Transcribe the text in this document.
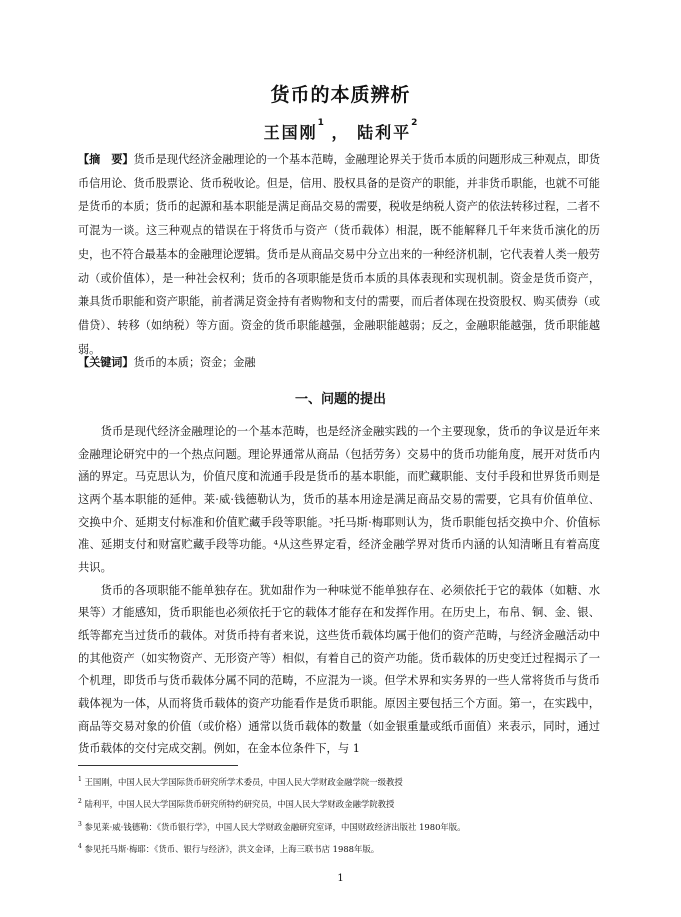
货币的本质辨析
王国刚$^1$ ， 陆利平$^2$
【摘　要】货币是现代经济金融理论的一个基本范畴，金融理论界关于货币本质的问题形成三种观点，即货币信用论、货币股票论、货币税收论。但是，信用、股权具备的是资产的职能，并非货币职能，也就不可能是货币的本质；货币的起源和基本职能是满足商品交易的需要，税收是纳税人资产的依法转移过程，二者不可混为一谈。这三种观点的错误在于将货币与资产（货币载体）相混，既不能解释几千年来货币演化的历史，也不符合最基本的金融理论逻辑。货币是从商品交易中分立出来的一种经济机制，它代表着人类一般劳动（或价值体），是一种社会权利；货币的各项职能是货币本质的具体表现和实现机制。资金是货币资产，兼具货币职能和资产职能，前者满足资金持有者购物和支付的需要，而后者体现在投资股权、购买债券（或借贷）、转移（如纳税）等方面。资金的货币职能越强，金融职能越弱；反之，金融职能越强，货币职能越弱。
【关键词】货币的本质；资金；金融
一、问题的提出

货币是现代经济金融理论的一个基本范畴，也是经济金融实践的一个主要现象，货币的争议是近年来金融理论研究中的一个热点问题。理论界通常从商品（包括劳务）交易中的货币功能角度，展开对货币内涵的界定。马克思认为，价值尺度和流通手段是货币的基本职能，而贮藏职能、支付手段和世界货币则是这两个基本职能的延伸。莱·威·钱德勒认为，货币的基本用途是满足商品交易的需要，它具有价值单位、交换中介、延期支付标准和价值贮藏手段等职能。³托马斯·梅耶则认为，货币职能包括交换中介、价值标准、延期支付和财富贮藏手段等功能。⁴从这些界定看，经济金融学界对货币内涵的认知清晰且有着高度共识。

货币的各项职能不能单独存在。犹如甜作为一种味觉不能单独存在、必须依托于它的载体（如糖、水果等）才能感知，货币职能也必须依托于它的载体才能存在和发挥作用。在历史上，布帛、铜、金、银、纸等都充当过货币的载体。对货币持有者来说，这些货币载体均属于他们的资产范畴，与经济金融活动中的其他资产（如实物资产、无形资产等）相似，有着自己的资产功能。货币载体的历史变迁过程揭示了一个机理，即货币与货币载体分属不同的范畴，不应混为一谈。但学术界和实务界的一些人常将货币与货币载体视为一体，从而将货币载体的资产功能看作是货币职能。原因主要包括三个方面。第一，在实践中，商品等交易对象的价值（或价格）通常以货币载体的数量（如金银重量或纸币面值）来表示，同时，通过货币载体的交付完成交割。例如，在金本位条件下，与 1

$^1$ 王国刚，中国人民大学国际货币研究所学术委员，中国人民大学财政金融学院一级教授
$^2$ 陆利平，中国人民大学国际货币研究所特约研究员，中国人民大学财政金融学院教授
$^3$ 参见莱·威·钱德勒：《货币银行学》，中国人民大学财政金融研究室译，中国财政经济出版社 1980年版。
$^4$ 参见托马斯·梅耶：《货币、银行与经济》，洪文金译，上海三联书店 1988年版。
1
